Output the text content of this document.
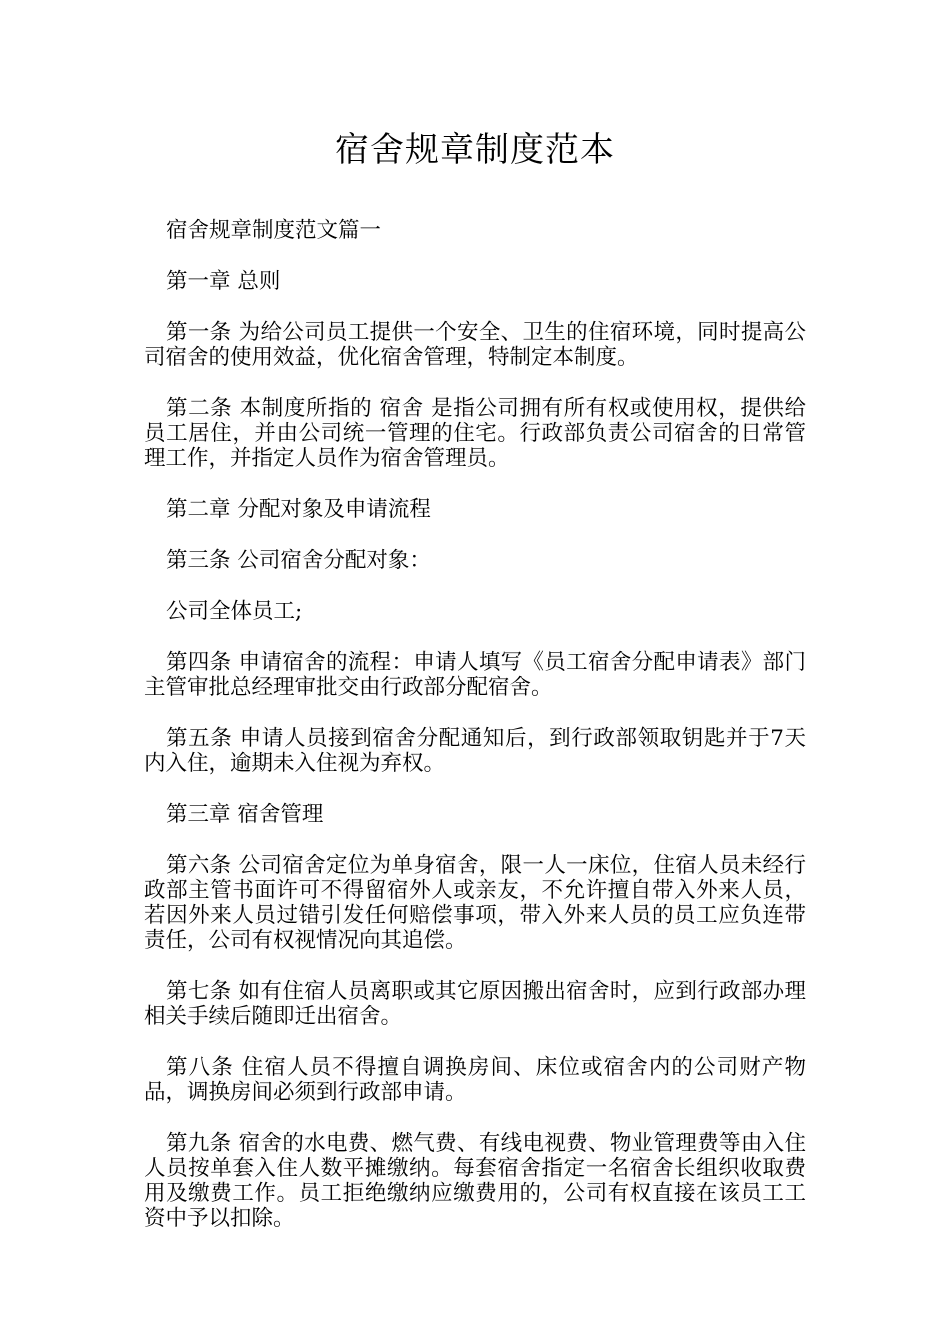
宿舍规章制度范本

宿舍规章制度范文篇一

第一章 总则

第一条 为给公司员工提供一个安全、卫生的住宿环境，同时提高公司宿舍的使用效益，优化宿舍管理，特制定本制度。

第二条 本制度所指的 宿舍 是指公司拥有所有权或使用权，提供给员工居住，并由公司统一管理的住宅。行政部负责公司宿舍的日常管理工作，并指定人员作为宿舍管理员。

第二章 分配对象及申请流程

第三条 公司宿舍分配对象：

公司全体员工;

第四条 申请宿舍的流程：申请人填写《员工宿舍分配申请表》部门主管审批总经理审批交由行政部分配宿舍。

第五条 申请人员接到宿舍分配通知后，到行政部领取钥匙并于7天内入住，逾期未入住视为弃权。

第三章 宿舍管理

第六条 公司宿舍定位为单身宿舍，限一人一床位，住宿人员未经行政部主管书面许可不得留宿外人或亲友，不允许擅自带入外来人员，若因外来人员过错引发任何赔偿事项，带入外来人员的员工应负连带责任，公司有权视情况向其追偿。

第七条 如有住宿人员离职或其它原因搬出宿舍时，应到行政部办理相关手续后随即迁出宿舍。

第八条 住宿人员不得擅自调换房间、床位或宿舍内的公司财产物品，调换房间必须到行政部申请。

第九条 宿舍的水电费、燃气费、有线电视费、物业管理费等由入住人员按单套入住人数平摊缴纳。每套宿舍指定一名宿舍长组织收取费用及缴费工作。员工拒绝缴纳应缴费用的，公司有权直接在该员工工资中予以扣除。
